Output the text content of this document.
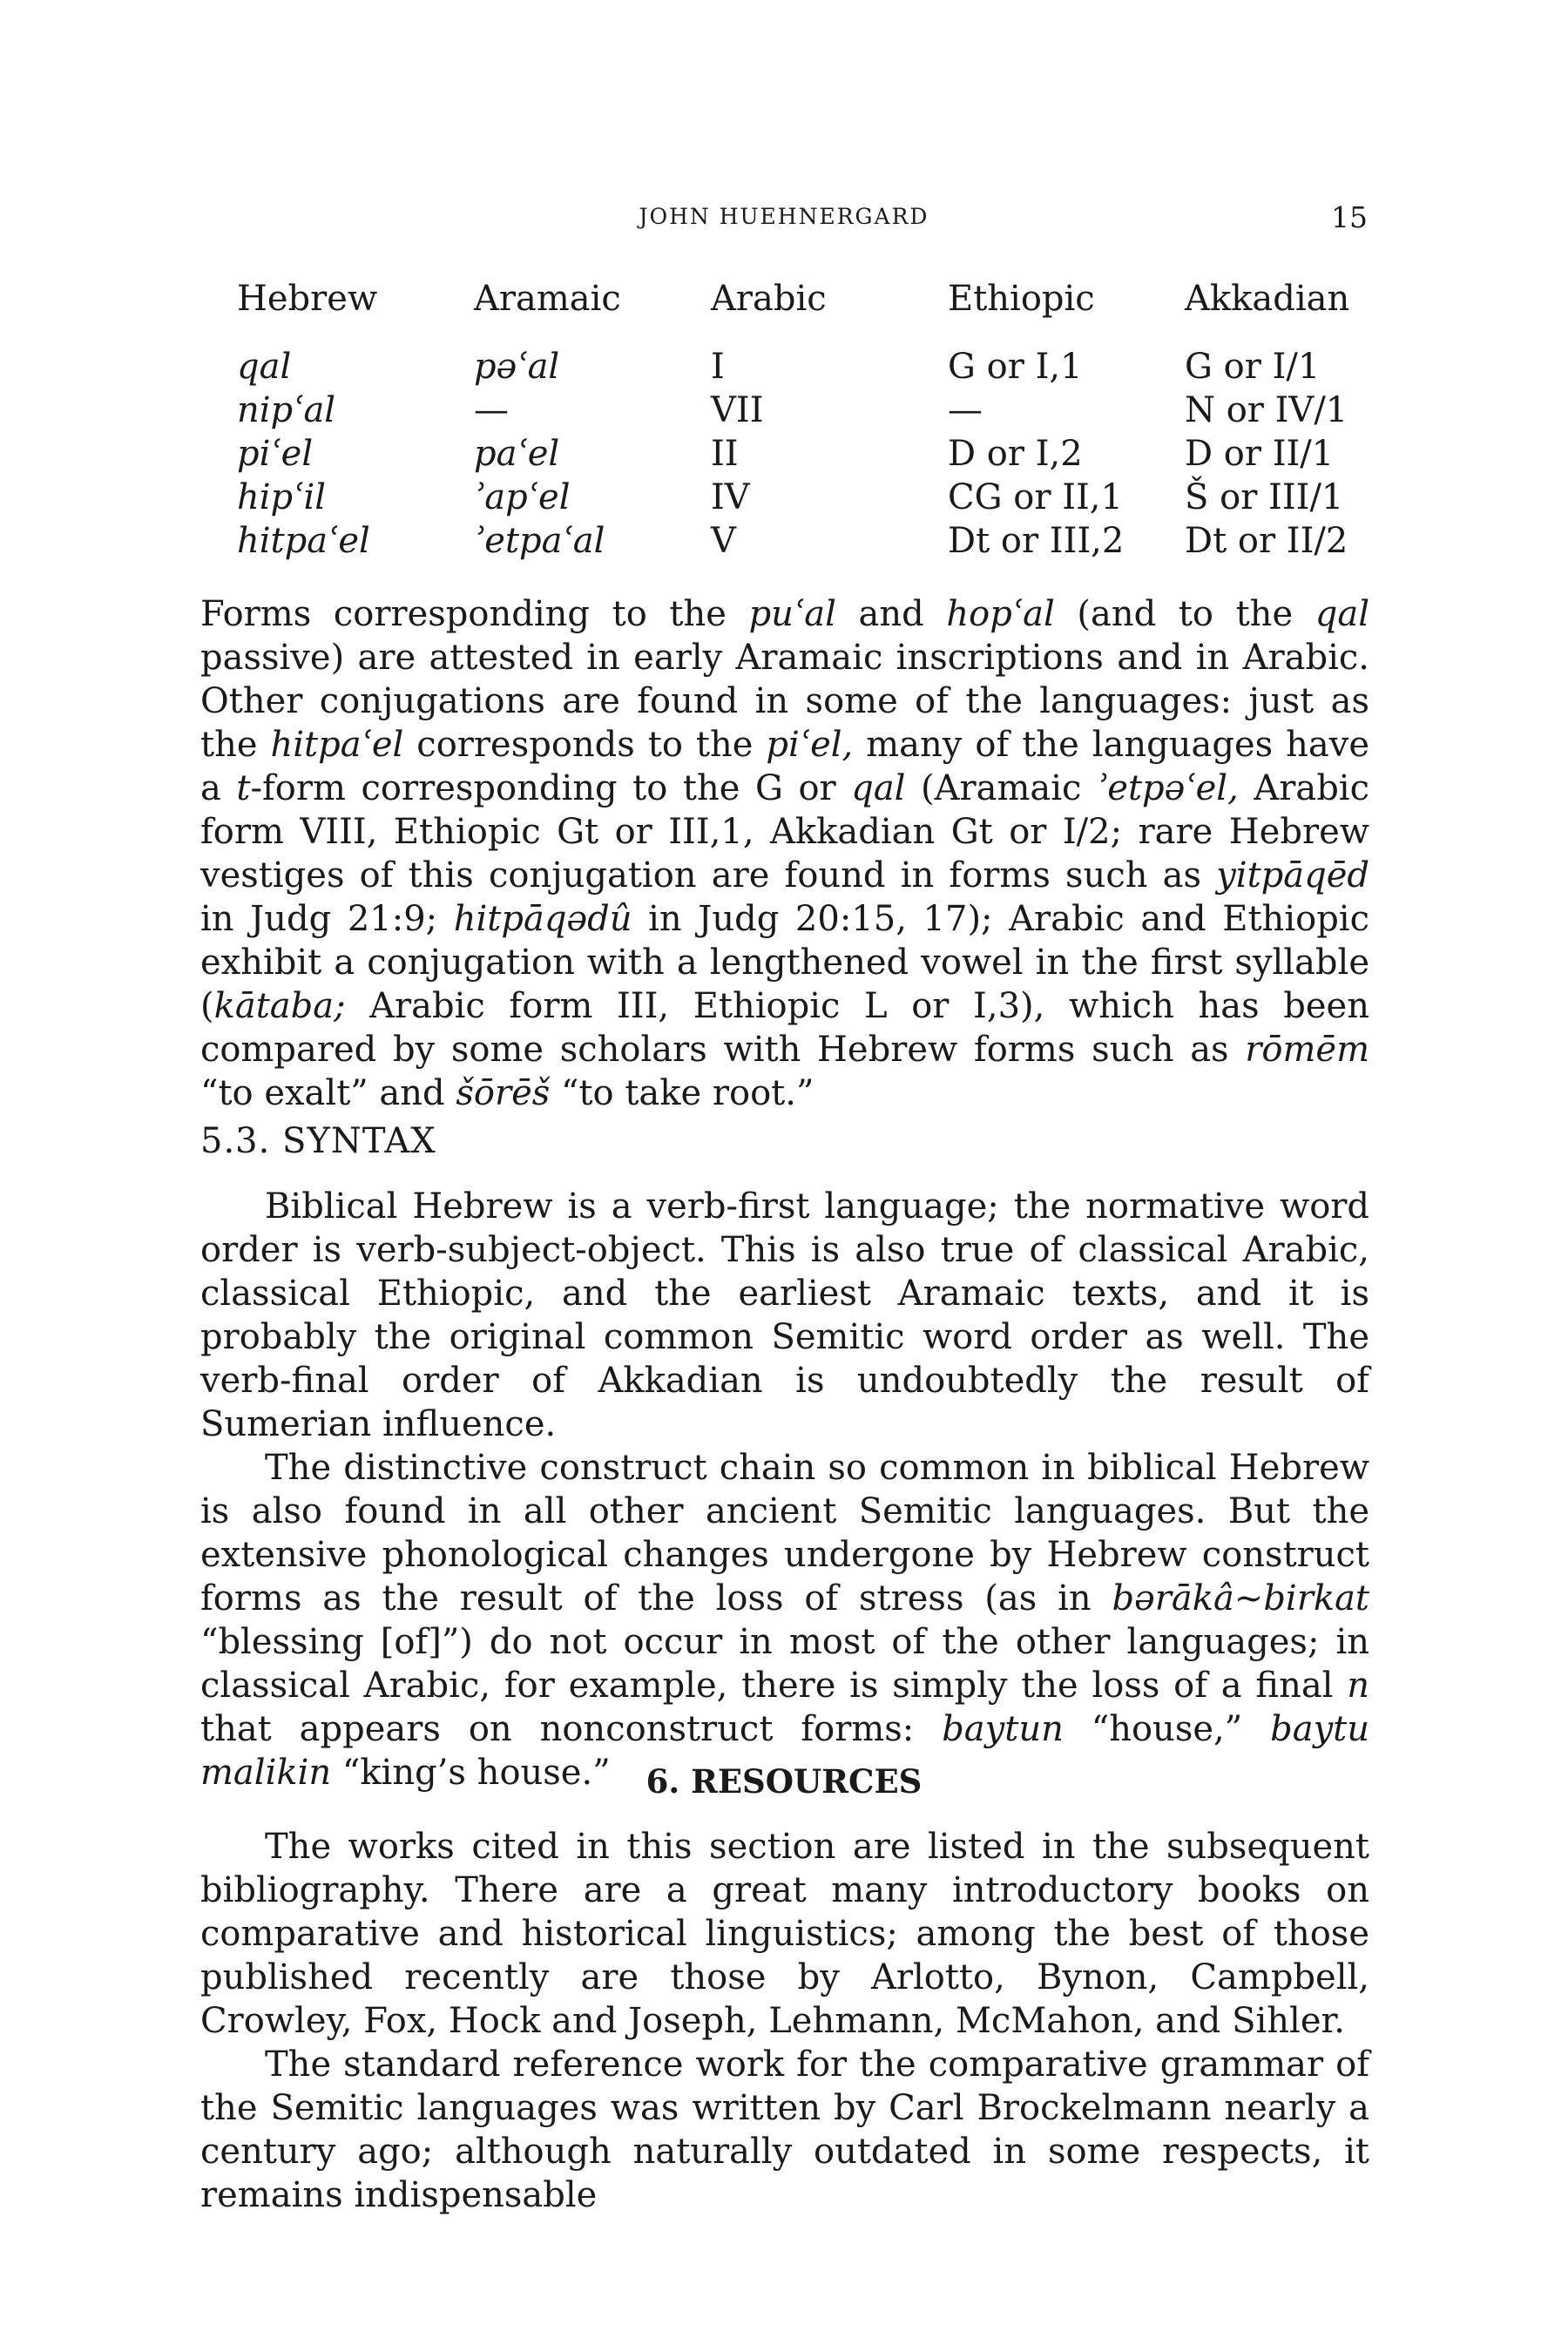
JOHN HUEHNERGARD	15
Hebrew	Aramaic	Arabic	Ethiopic	Akkadian
qal	pəʿal	I	G or I,1	G or I/1
nipʿal	—	VII	—	N or IV/1
piʿel	paʿel	II	D or I,2	D or II/1
hipʿil	ʾapʿel	IV	CG or II,1	Š or III/1
hitpaʿel	ʾetpaʿal	V	Dt or III,2	Dt or II/2

Forms corresponding to the puʿal and hopʿal (and to the qal passive) are attested in early Aramaic inscriptions and in Arabic. Other conjugations are found in some of the languages: just as the hitpaʿel corresponds to the piʿel, many of the languages have a t-form corresponding to the G or qal (Aramaic ʾetpəʿel, Arabic form VIII, Ethiopic Gt or III,1, Akkadian Gt or I/2; rare Hebrew vestiges of this conjugation are found in forms such as yitpāqēd in Judg 21:9; hitpāqədû in Judg 20:15, 17); Arabic and Ethiopic exhibit a conjugation with a lengthened vowel in the first syllable (kātaba; Arabic form III, Ethiopic L or I,3), which has been compared by some scholars with Hebrew forms such as rōmēm “to exalt” and šōrēš “to take root.”

5.3. SYNTAX

Biblical Hebrew is a verb-first language; the normative word order is verb-subject-object. This is also true of classical Arabic, classical Ethiopic, and the earliest Aramaic texts, and it is probably the original common Semitic word order as well. The verb-final order of Akkadian is undoubtedly the result of Sumerian influence.

The distinctive construct chain so common in biblical Hebrew is also found in all other ancient Semitic languages. But the extensive phonological changes undergone by Hebrew construct forms as the result of the loss of stress (as in bərākâ~birkat “blessing [of]”) do not occur in most of the other languages; in classical Arabic, for example, there is simply the loss of a final n that appears on nonconstruct forms: baytun “house,” baytu malikin “king’s house.”	6. RESOURCES

The works cited in this section are listed in the subsequent bibliography. There are a great many introductory books on comparative and historical linguistics; among the best of those published recently are those by Arlotto, Bynon, Campbell, Crowley, Fox, Hock and Joseph, Lehmann, McMahon, and Sihler.

The standard reference work for the comparative grammar of the Semitic languages was written by Carl Brockelmann nearly a century ago; although naturally outdated in some respects, it remains indispensable
